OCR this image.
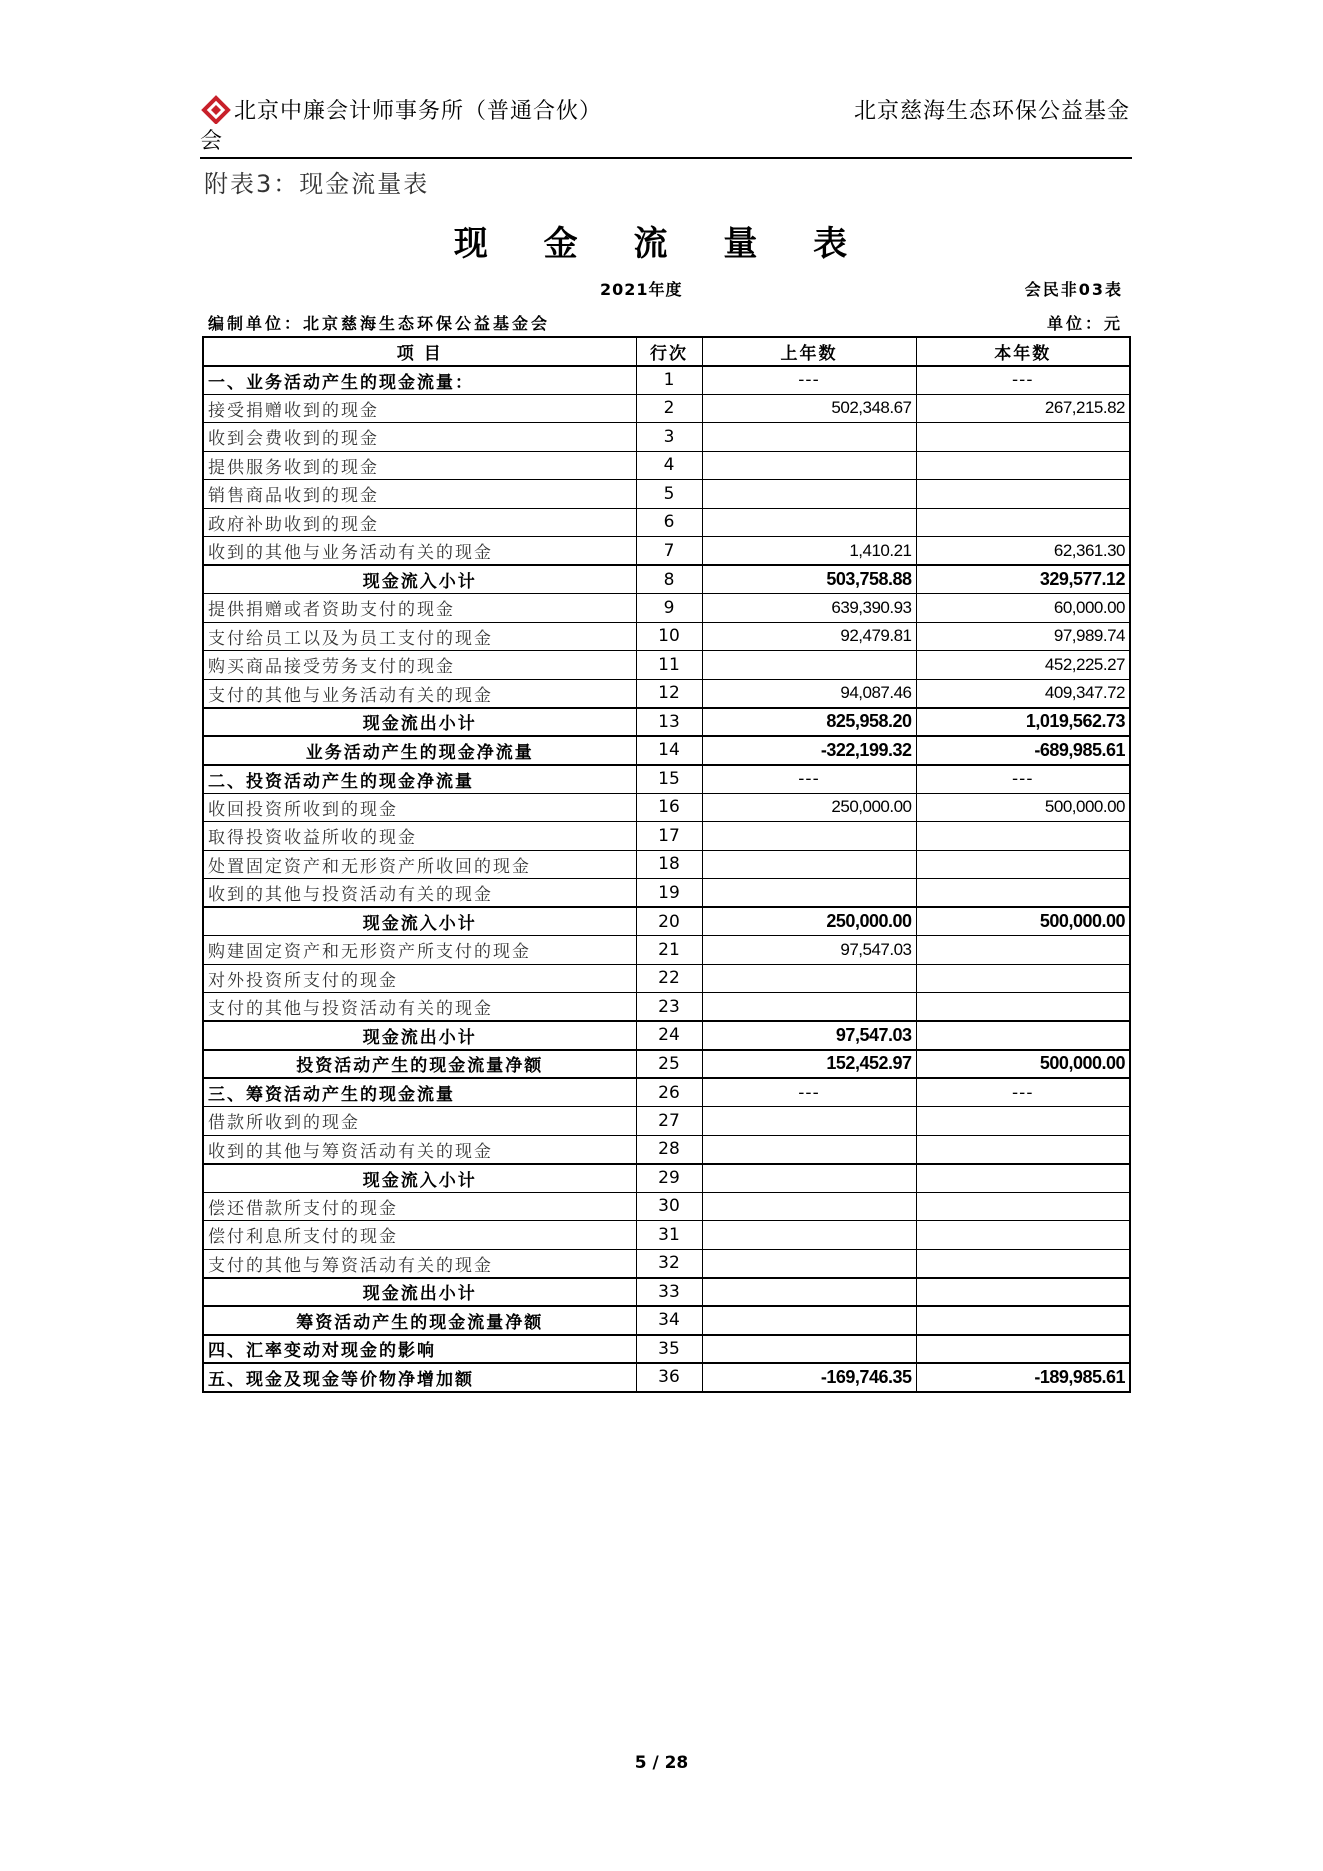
北京中廉会计师事务所（普通合伙）
会
北京慈海生态环保公益基金
附表3：现金流量表
现 金 流 量 表
2021年度	会民非03表
编制单位：北京慈海生态环保公益基金会	单位：元
项 目	行次	上年数	本年数
一、业务活动产生的现金流量：	1	---	---
接受捐赠收到的现金	2	502,348.67	267,215.82
收到会费收到的现金	3		
提供服务收到的现金	4		
销售商品收到的现金	5		
政府补助收到的现金	6		
收到的其他与业务活动有关的现金	7	1,410.21	62,361.30
现金流入小计	8	503,758.88	329,577.12
提供捐赠或者资助支付的现金	9	639,390.93	60,000.00
支付给员工以及为员工支付的现金	10	92,479.81	97,989.74
购买商品接受劳务支付的现金	11		452,225.27
支付的其他与业务活动有关的现金	12	94,087.46	409,347.72
现金流出小计	13	825,958.20	1,019,562.73
业务活动产生的现金净流量	14	-322,199.32	-689,985.61
二、投资活动产生的现金净流量	15	---	---
收回投资所收到的现金	16	250,000.00	500,000.00
取得投资收益所收的现金	17		
处置固定资产和无形资产所收回的现金	18		
收到的其他与投资活动有关的现金	19		
现金流入小计	20	250,000.00	500,000.00
购建固定资产和无形资产所支付的现金	21	97,547.03	
对外投资所支付的现金	22		
支付的其他与投资活动有关的现金	23		
现金流出小计	24	97,547.03	
投资活动产生的现金流量净额	25	152,452.97	500,000.00
三、筹资活动产生的现金流量	26	---	---
借款所收到的现金	27		
收到的其他与筹资活动有关的现金	28		
现金流入小计	29		
偿还借款所支付的现金	30		
偿付利息所支付的现金	31		
支付的其他与筹资活动有关的现金	32		
现金流出小计	33		
筹资活动产生的现金流量净额	34		
四、汇率变动对现金的影响	35		
五、现金及现金等价物净增加额	36	-169,746.35	-189,985.61
5 / 28
